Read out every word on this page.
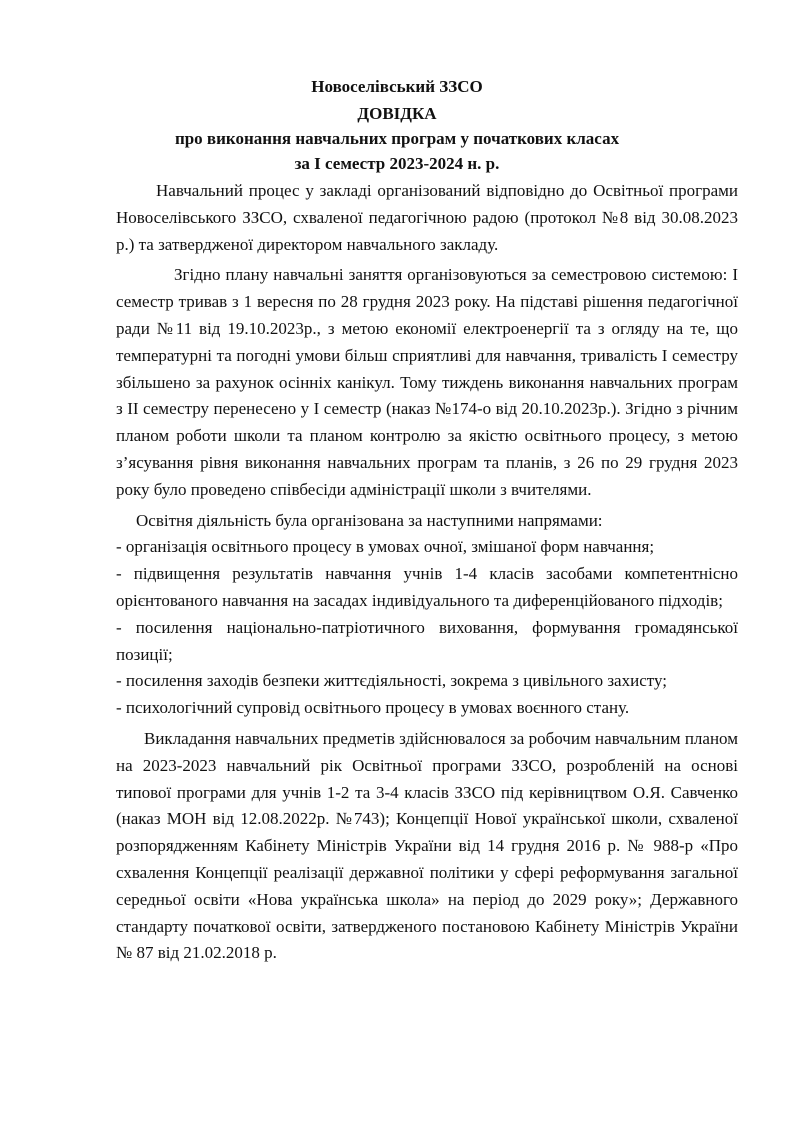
Новоселівський ЗЗСО
ДОВІДКА
про виконання навчальних програм у початкових класах
за I семестр 2023-2024 н. р.

Навчальний процес у закладі організований відповідно до Освітньої програми Новоселівського ЗЗСО, схваленої педагогічною радою (протокол №8 від 30.08.2023 р.) та затвердженої директором навчального закладу.

Згідно плану навчальні заняття організовуються за семестровою системою: I семестр тривав з 1 вересня по 28 грудня 2023 року. На підставі рішення педагогічної ради №11 від 19.10.2023р., з метою економії електроенергії та з огляду на те, що температурні та погодні умови більш сприятливі для навчання, тривалість I семестру збільшено за рахунок осінніх канікул. Тому тиждень виконання навчальних програм з II семестру перенесено у I семестр (наказ №174-о від 20.10.2023р.). Згідно з річним планом роботи школи та планом контролю за якістю освітнього процесу, з метою з’ясування рівня виконання навчальних програм та планів, з 26 по 29 грудня 2023 року було проведено співбесіди адміністрації школи з вчителями.

Освітня діяльність була організована за наступними напрямами:

- організація освітнього процесу в умовах очної, змішаної форм навчання;

- підвищення результатів навчання учнів 1-4 класів засобами компетентнісно орієнтованого навчання на засадах індивідуального та диференційованого підходів;

- посилення національно-патріотичного виховання, формування громадянської позиції;

- посилення заходів безпеки життєдіяльності, зокрема з цивільного захисту;

- психологічний супровід освітнього процесу в умовах воєнного стану.

Викладання навчальних предметів здійснювалося за робочим навчальним планом на 2023-2023 навчальний рік Освітньої програми ЗЗСО, розробленій на основі типової програми для учнів 1-2 та 3-4 класів ЗЗСО під керівництвом О.Я. Савченко (наказ МОН від 12.08.2022р. №743); Концепції Нової української школи, схваленої розпорядженням Кабінету Міністрів України від 14 грудня 2016 р. № 988-р «Про схвалення Концепції реалізації державної політики у сфері реформування загальної середньої освіти «Нова українська школа» на період до 2029 року»; Державного стандарту початкової освіти, затвердженого постановою Кабінету Міністрів України № 87 від 21.02.2018 р.
